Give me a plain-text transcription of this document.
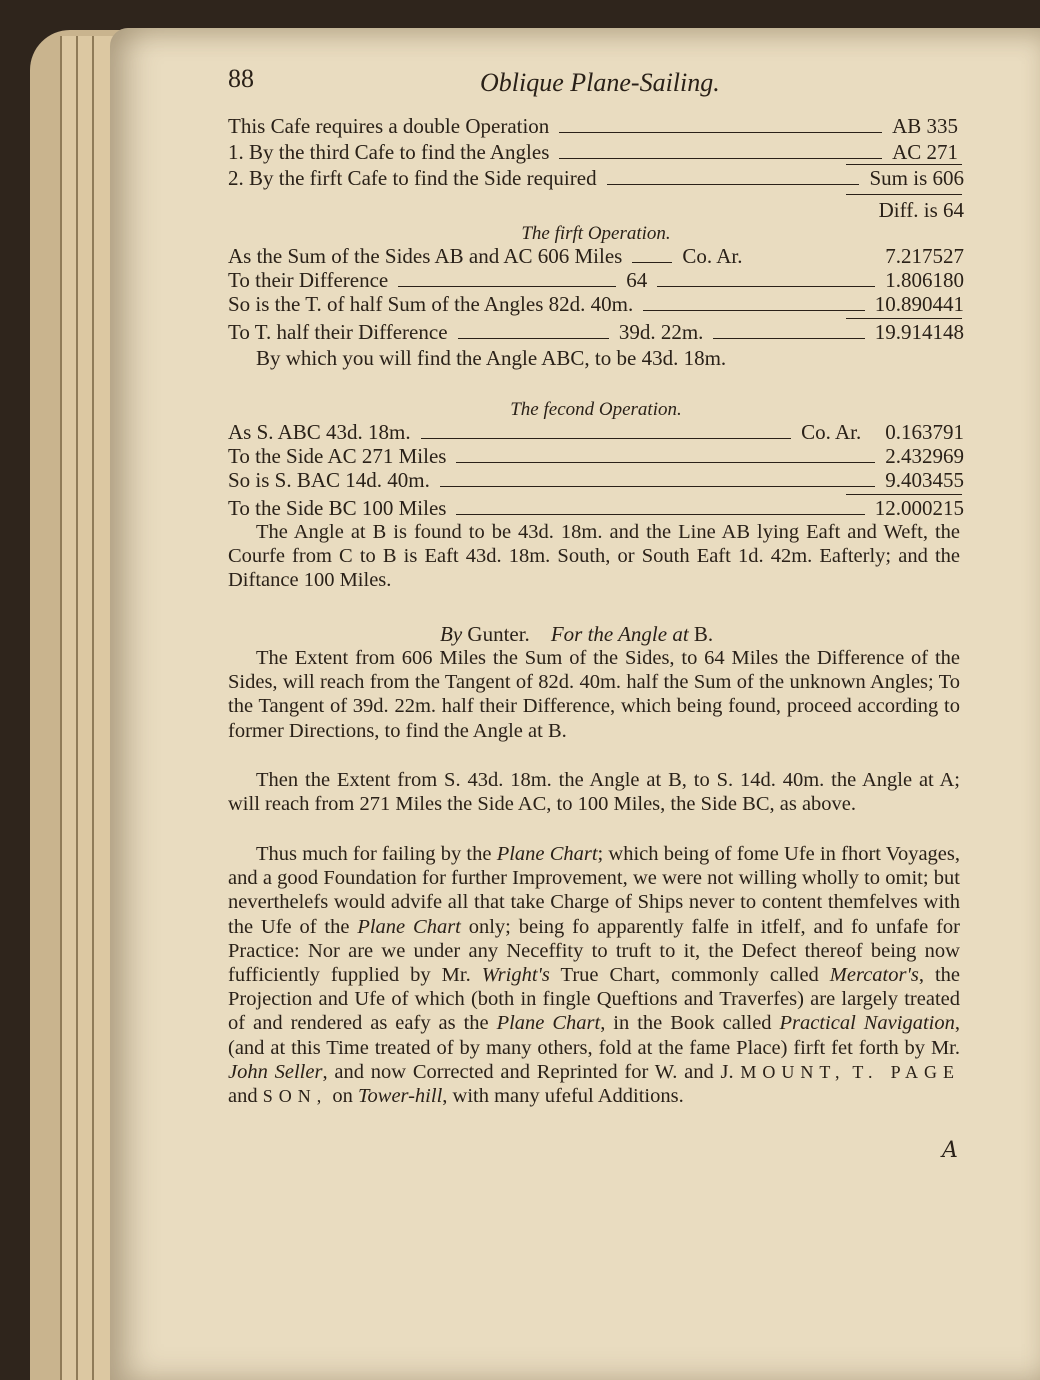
88	Oblique Plane-Sailing.
This Cafe requires a double Operation	AB 335
1. By the third Cafe to find the Angles	AC 271
2. By the firft Cafe to find the Side required	Sum is 606
Diff. is 64
The firft Operation.
As the Sum of the Sides AB and AC 606 Miles	Co. Ar.	7.217527
To their Difference	64	1.806180
So is the T. of half Sum of the Angles 82d. 40m.	10.890441
To T. half their Difference	39d. 22m.	19.914148
By which you will find the Angle ABC, to be 43d. 18m.
The fecond Operation.
As S. ABC 43d. 18m.	Co. Ar. 0.163791
To the Side AC 271 Miles	2.432969
So is S. BAC 14d. 40m.	9.403455
To the Side BC 100 Miles	12.000215
The Angle at B is found to be 43d. 18m. and the Line AB lying Eaft and Weft, the Courfe from C to B is Eaft 43d. 18m. South, or South Eaft 1d. 42m. Eafterly; and the Diftance 100 Miles.
By Gunter. For the Angle at B.
The Extent from 606 Miles the Sum of the Sides, to 64 Miles the Difference of the Sides, will reach from the Tangent of 82d. 40m. half the Sum of the unknown Angles; To the Tangent of 39d. 22m. half their Difference, which being found, proceed according to former Directions, to find the Angle at B.
Then the Extent from S. 43d. 18m. the Angle at B, to S. 14d. 40m. the Angle at A; will reach from 271 Miles the Side AC, to 100 Miles, the Side BC, as above.
Thus much for failing by the Plane Chart; which being of fome Ufe in fhort Voyages, and a good Foundation for further Improvement, we were not willing wholly to omit; but neverthelefs would advife all that take Charge of Ships never to content themfelves with the Ufe of the Plane Chart only; being fo apparently falfe in itfelf, and fo unfafe for Practice: Nor are we under any Neceffity to truft to it, the Defect thereof being now fufficiently fupplied by Mr. Wright's True Chart, commonly called Mercator's, the Projection and Ufe of which (both in fingle Queftions and Traverfes) are largely treated of and rendered as eafy as the Plane Chart, in the Book called Practical Navigation, (and at this Time treated of by many others, fold at the fame Place) firft fet forth by Mr. John Seller, and now Corrected and Reprinted for W. and J. MOUNT, T. PAGE and SON, on Tower-hill, with many ufeful Additions.
A
